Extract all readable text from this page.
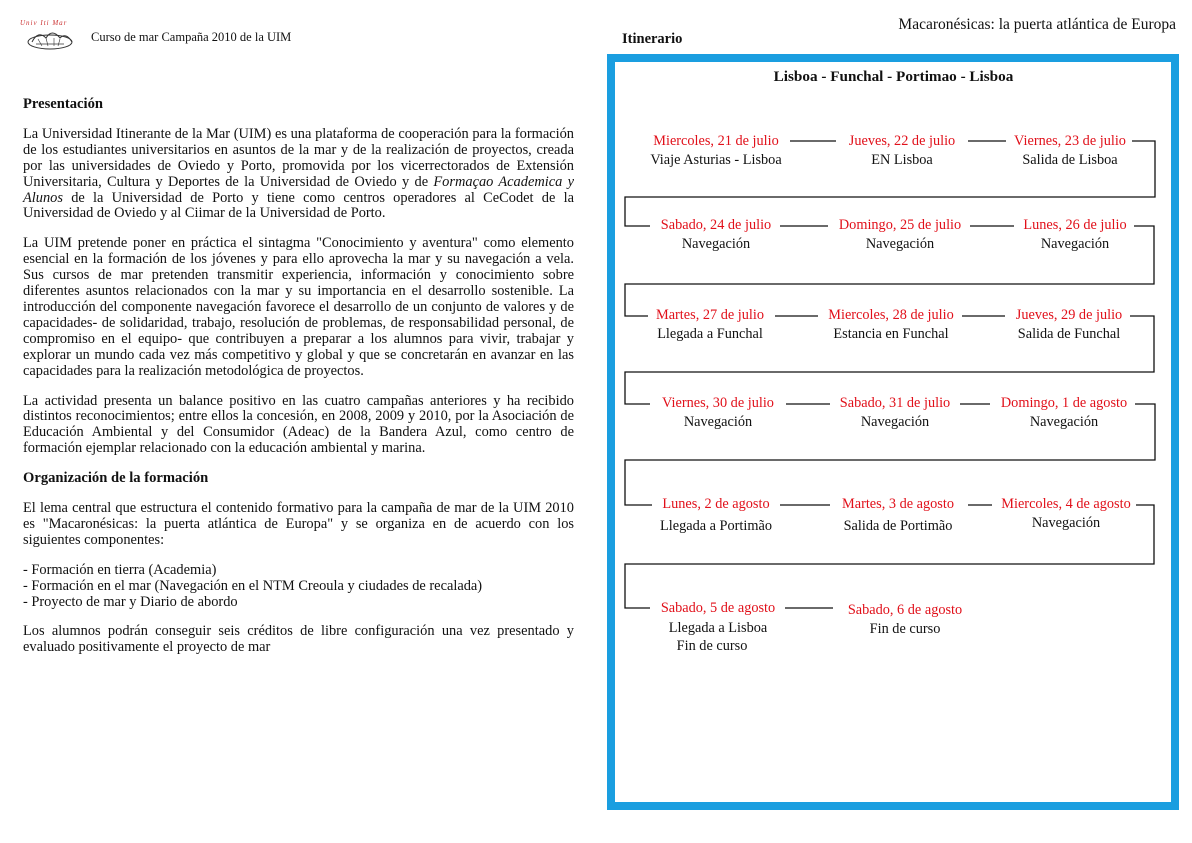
Univ Iti Mar
Curso de mar Campaña 2010 de la UIM
Macaronésicas: la puerta atlántica de Europa
Itinerario
Presentación

La Universidad Itinerante de la Mar (UIM) es una plataforma de cooperación para la formación de los estudiantes universitarios en asuntos de la mar y de la realización de proyectos, creada por las universidades de Oviedo y Porto, promovida por los vicerrectorados de Extensión Universitaria, Cultura y Deportes de la Universidad de Oviedo y de Formaçao Academica y Alunos de la Universidad de Porto y tiene como centros operadores al CeCodet de la Universidad de Oviedo y al Ciimar de la Universidad de Porto.

La UIM pretende poner en práctica el sintagma "Conocimiento y aventura" como elemento esencial en la formación de los jóvenes y para ello aprovecha la mar y su navegación a vela. Sus cursos de mar pretenden transmitir experiencia, información y conocimiento sobre diferentes asuntos relacionados con la mar y su importancia en el desarrollo sostenible. La introducción del componente navegación favorece el desarrollo de un conjunto de valores y de capacidades- de solidaridad, trabajo, resolución de problemas, de responsabilidad personal, de compromiso en el equipo- que contribuyen a preparar a los alumnos para vivir, trabajar y explorar un mundo cada vez más competitivo y global y que se concretarán en avanzar en las capacidades para la realización metodológica de proyectos.

La actividad presenta un balance positivo en las cuatro campañas anteriores y ha recibido distintos reconocimientos; entre ellos la concesión, en 2008, 2009 y 2010, por la Asociación de Educación Ambiental y del Consumidor (Adeac) de la Bandera Azul, como centro de formación ejemplar relacionado con la educación ambiental y marina.

Organización de la formación

El lema central que estructura el contenido formativo para la campaña de mar de la UIM 2010 es "Macaronésicas: la puerta atlántica de Europa" y se organiza en de acuerdo con los siguientes componentes:

- Formación en tierra (Academia)

- Formación en el mar (Navegación en el NTM Creoula y ciudades de recalada)

- Proyecto de mar y Diario de abordo

Los alumnos podrán conseguir seis créditos de libre configuración una vez presentado y evaluado positivamente el proyecto de mar

Lisboa - Funchal - Portimao - Lisboa
Miercoles, 21 de julio
Viaje Asturias - Lisboa
Jueves, 22 de julio
EN Lisboa
Viernes, 23 de julio
Salida de Lisboa
Sabado, 24 de julio
Navegación
Domingo, 25 de julio
Navegación
Lunes, 26 de julio
Navegación
Martes, 27 de julio
Llegada a Funchal
Miercoles, 28 de julio
Estancia en Funchal
Jueves, 29 de julio
Salida de Funchal
Viernes, 30 de julio
Navegación
Sabado, 31 de julio
Navegación
Domingo, 1 de agosto
Navegación
Lunes, 2 de agosto
Llegada a Portimão
Martes, 3 de agosto
Salida de Portimão
Miercoles, 4 de agosto
Navegación
Sabado, 5 de agosto
Llegada a Lisboa
Fin de curso
Sabado, 6 de agosto
Fin de curso
